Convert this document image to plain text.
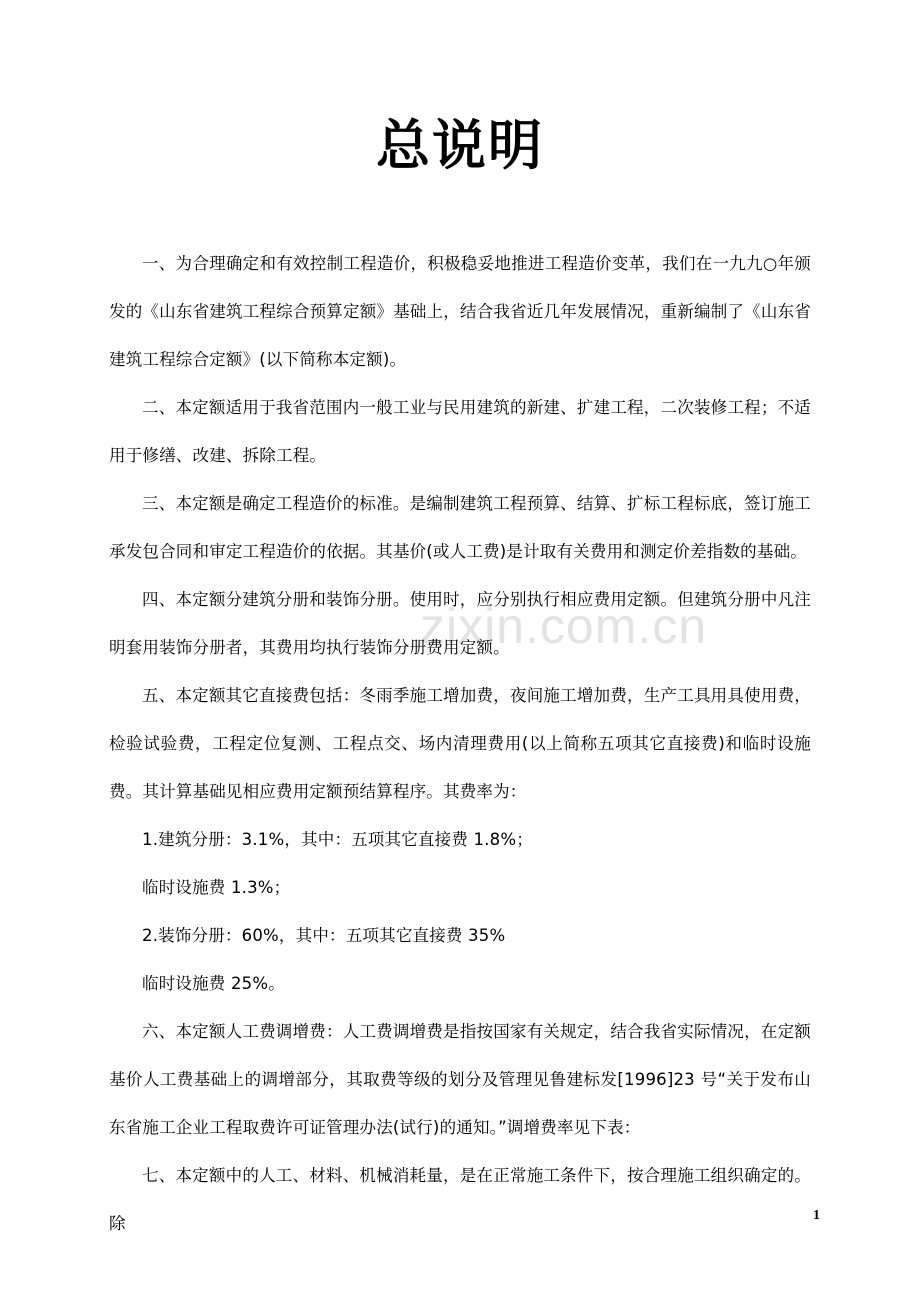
zixin.com.cn
总说明

一、为合理确定和有效控制工程造价，积极稳妥地推进工程造价变革，我们在一九九○年颁发的《山东省建筑工程综合预算定额》基础上，结合我省近几年发展情况，重新编制了《山东省建筑工程综合定额》(以下简称本定额)。

二、本定额适用于我省范围内一般工业与民用建筑的新建、扩建工程，二次装修工程；不适用于修缮、改建、拆除工程。

三、本定额是确定工程造价的标准。是编制建筑工程预算、结算、扩标工程标底，签订施工承发包合同和审定工程造价的依据。其基价(或人工费)是计取有关费用和测定价差指数的基础。

四、本定额分建筑分册和装饰分册。使用时，应分别执行相应费用定额。但建筑分册中凡注明套用装饰分册者，其费用均执行装饰分册费用定额。

五、本定额其它直接费包括：冬雨季施工增加费，夜间施工增加费，生产工具用具使用费，检验试验费，工程定位复测、工程点交、场内清理费用(以上简称五项其它直接费)和临时设施费。其计算基础见相应费用定额预结算程序。其费率为：

1.建筑分册：3.1%，其中：五项其它直接费 1.8%；

临时设施费 1.3%；

2.装饰分册：60%，其中：五项其它直接费 35%

临时设施费 25%。

六、本定额人工费调增费：人工费调增费是指按国家有关规定，结合我省实际情况，在定额基价人工费基础上的调增部分，其取费等级的划分及管理见鲁建标发[1996]23 号“关于发布山东省施工企业工程取费许可证管理办法(试行)的通知。”调增费率见下表：

七、本定额中的人工、材料、机械消耗量，是在正常施工条件下，按合理施工组织确定的。除	1
